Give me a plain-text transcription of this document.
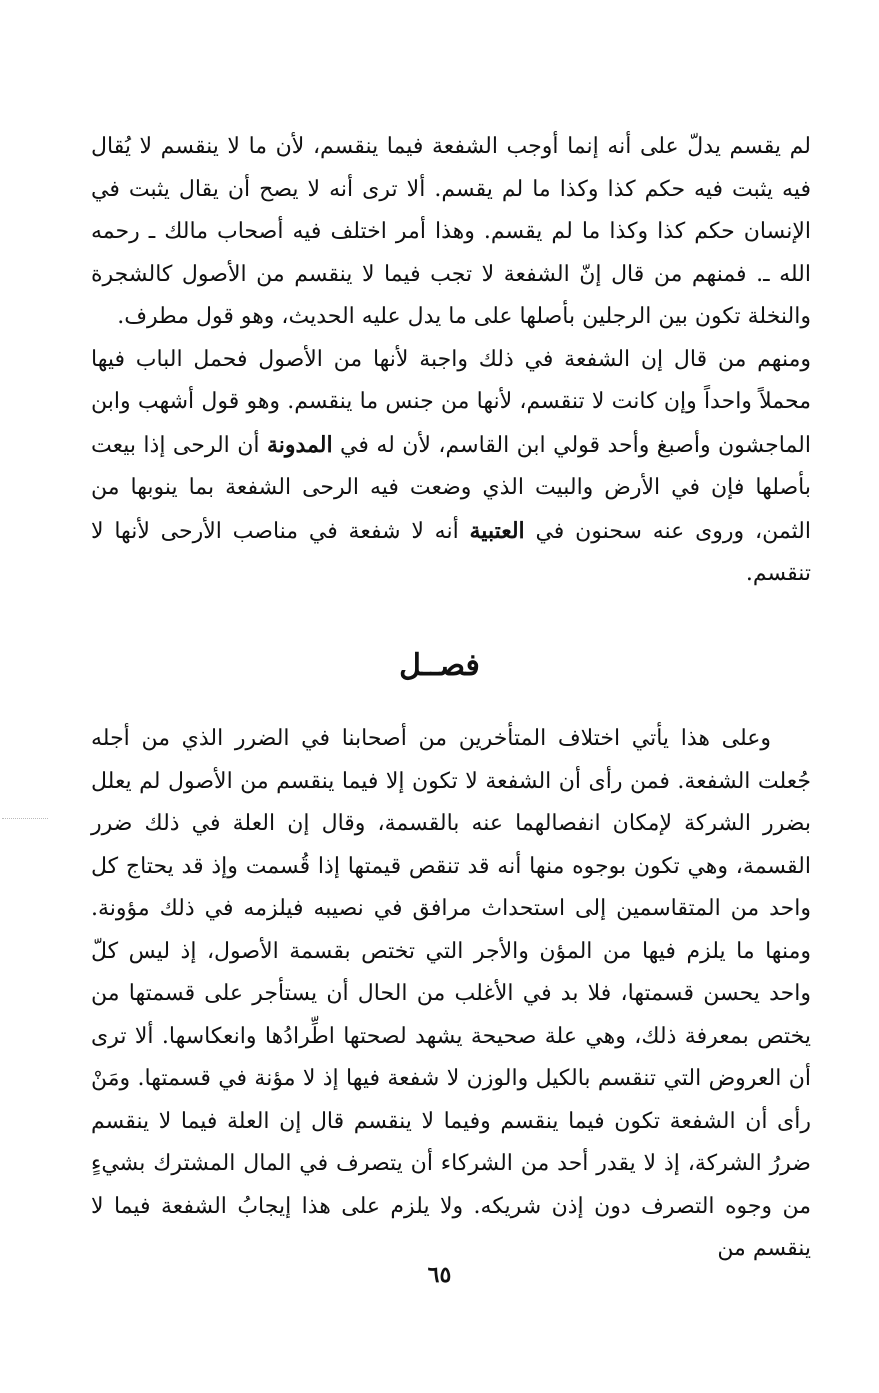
لم يقسم يدلّ على أنه إنما أوجب الشفعة فيما ينقسم، لأن ما لا ينقسم لا يُقال فيه يثبت فيه حكم كذا وكذا ما لم يقسم. ألا ترى أنه لا يصح أن يقال يثبت في الإنسان حكم كذا وكذا ما لم يقسم. وهذا أمر اختلف فيه أصحاب مالك ـ رحمه الله ـ. فمنهم من قال إنّ الشفعة لا تجب فيما لا ينقسم من الأصول كالشجرة والنخلة تكون بين الرجلين بأصلها على ما يدل عليه الحديث، وهو قول مطرف.

ومنهم من قال إن الشفعة في ذلك واجبة لأنها من الأصول فحمل الباب فيها محملاً واحداً وإن كانت لا تنقسم، لأنها من جنس ما ينقسم. وهو قول أشهب وابن الماجشون وأصبغ وأحد قولي ابن القاسم، لأن له في المدونة أن الرحى إذا بيعت بأصلها فإن في الأرض والبيت الذي وضعت فيه الرحى الشفعة بما ينوبها من الثمن، وروى عنه سحنون في العتبية أنه لا شفعة في مناصب الأرحى لأنها لا تنقسم.

فصــل

وعلى هذا يأتي اختلاف المتأخرين من أصحابنا في الضرر الذي من أجله جُعلت الشفعة. فمن رأى أن الشفعة لا تكون إلا فيما ينقسم من الأصول لم يعلل بضرر الشركة لإمكان انفصالهما عنه بالقسمة، وقال إن العلة في ذلك ضرر القسمة، وهي تكون بوجوه منها أنه قد تنقص قيمتها إذا قُسمت وإذ قد يحتاج كل واحد من المتقاسمين إلى استحداث مرافق في نصيبه فيلزمه في ذلك مؤونة. ومنها ما يلزم فيها من المؤن والأجر التي تختص بقسمة الأصول، إذ ليس كلّ واحد يحسن قسمتها، فلا بد في الأغلب من الحال أن يستأجر على قسمتها من يختص بمعرفة ذلك، وهي علة صحيحة يشهد لصحتها اطِّرادُها وانعكاسها. ألا ترى أن العروض التي تنقسم بالكيل والوزن لا شفعة فيها إذ لا مؤنة في قسمتها. ومَنْ رأى أن الشفعة تكون فيما ينقسم وفيما لا ينقسم قال إن العلة فيما لا ينقسم ضررُ الشركة، إذ لا يقدر أحد من الشركاء أن يتصرف في المال المشترك بشيءٍ من وجوه التصرف دون إذن شريكه. ولا يلزم على هذا إيجابُ الشفعة فيما لا ينقسم من

٦٥
